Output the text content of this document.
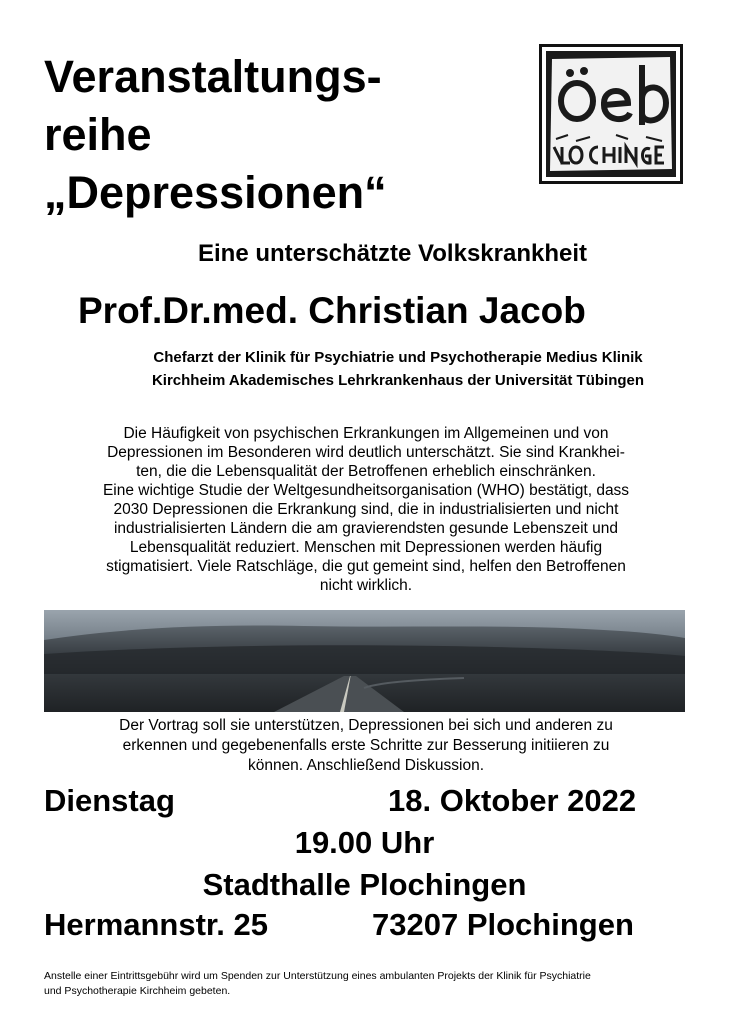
Veranstaltungs-
reihe
„Depressionen“
Eine unterschätzte Volkskrankheit
Prof.Dr.med. Christian Jacob
Chefarzt der Klinik für Psychiatrie und Psychotherapie Medius Klinik
Kirchheim Akademisches Lehrkrankenhaus der Universität Tübingen
Die Häufigkeit von psychischen Erkrankungen im Allgemeinen und von
Depressionen im Besonderen wird deutlich unterschätzt. Sie sind Krankhei-
ten, die die Lebensqualität der Betroffenen erheblich einschränken.
Eine wichtige Studie der Weltgesundheitsorganisation (WHO) bestätigt, dass
2030 Depressionen die Erkrankung sind, die in industrialisierten und nicht
industrialisierten Ländern die am gravierendsten gesunde Lebenszeit und
Lebensqualität reduziert. Menschen mit Depressionen werden häufig
stigmatisiert. Viele Ratschläge, die gut gemeint sind, helfen den Betroffenen
nicht wirklich.
Der Vortrag soll sie unterstützen, Depressionen bei sich und anderen zu
erkennen und gegebenenfalls erste Schritte zur Besserung initiieren zu
können. Anschließend Diskussion.
Dienstag	18. Oktober 2022
19.00 Uhr
Stadthalle Plochingen
Hermannstr. 25	73207 Plochingen
Anstelle einer Eintrittsgebühr wird um Spenden zur Unterstützung eines ambulanten Projekts der Klinik für Psychiatrie
und Psychotherapie Kirchheim gebeten.
